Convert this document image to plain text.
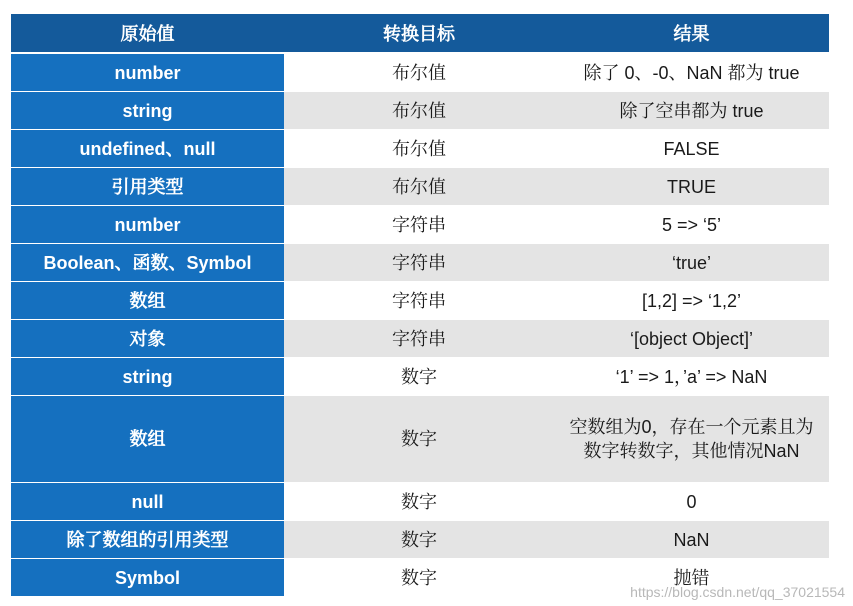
原始值	转换目标	结果
number	布尔值	除了 0、-0、NaN 都为 true
string	布尔值	除了空串都为 true
undefined、null	布尔值	FALSE
引用类型	布尔值	TRUE
number	字符串	5 => ‘5’
Boolean、函数、Symbol	字符串	‘true’
数组	字符串	[1,2] => ‘1,2’
对象	字符串	‘[object Object]’
string	数字	‘1’ => 1，’a’ => NaN
数组	数字	空数组为0，存在一个元素且为数字转数字，其他情况NaN
null	数字	0
除了数组的引用类型	数字	NaN
Symbol	数字	抛错
https://blog.csdn.net/qq_37021554
